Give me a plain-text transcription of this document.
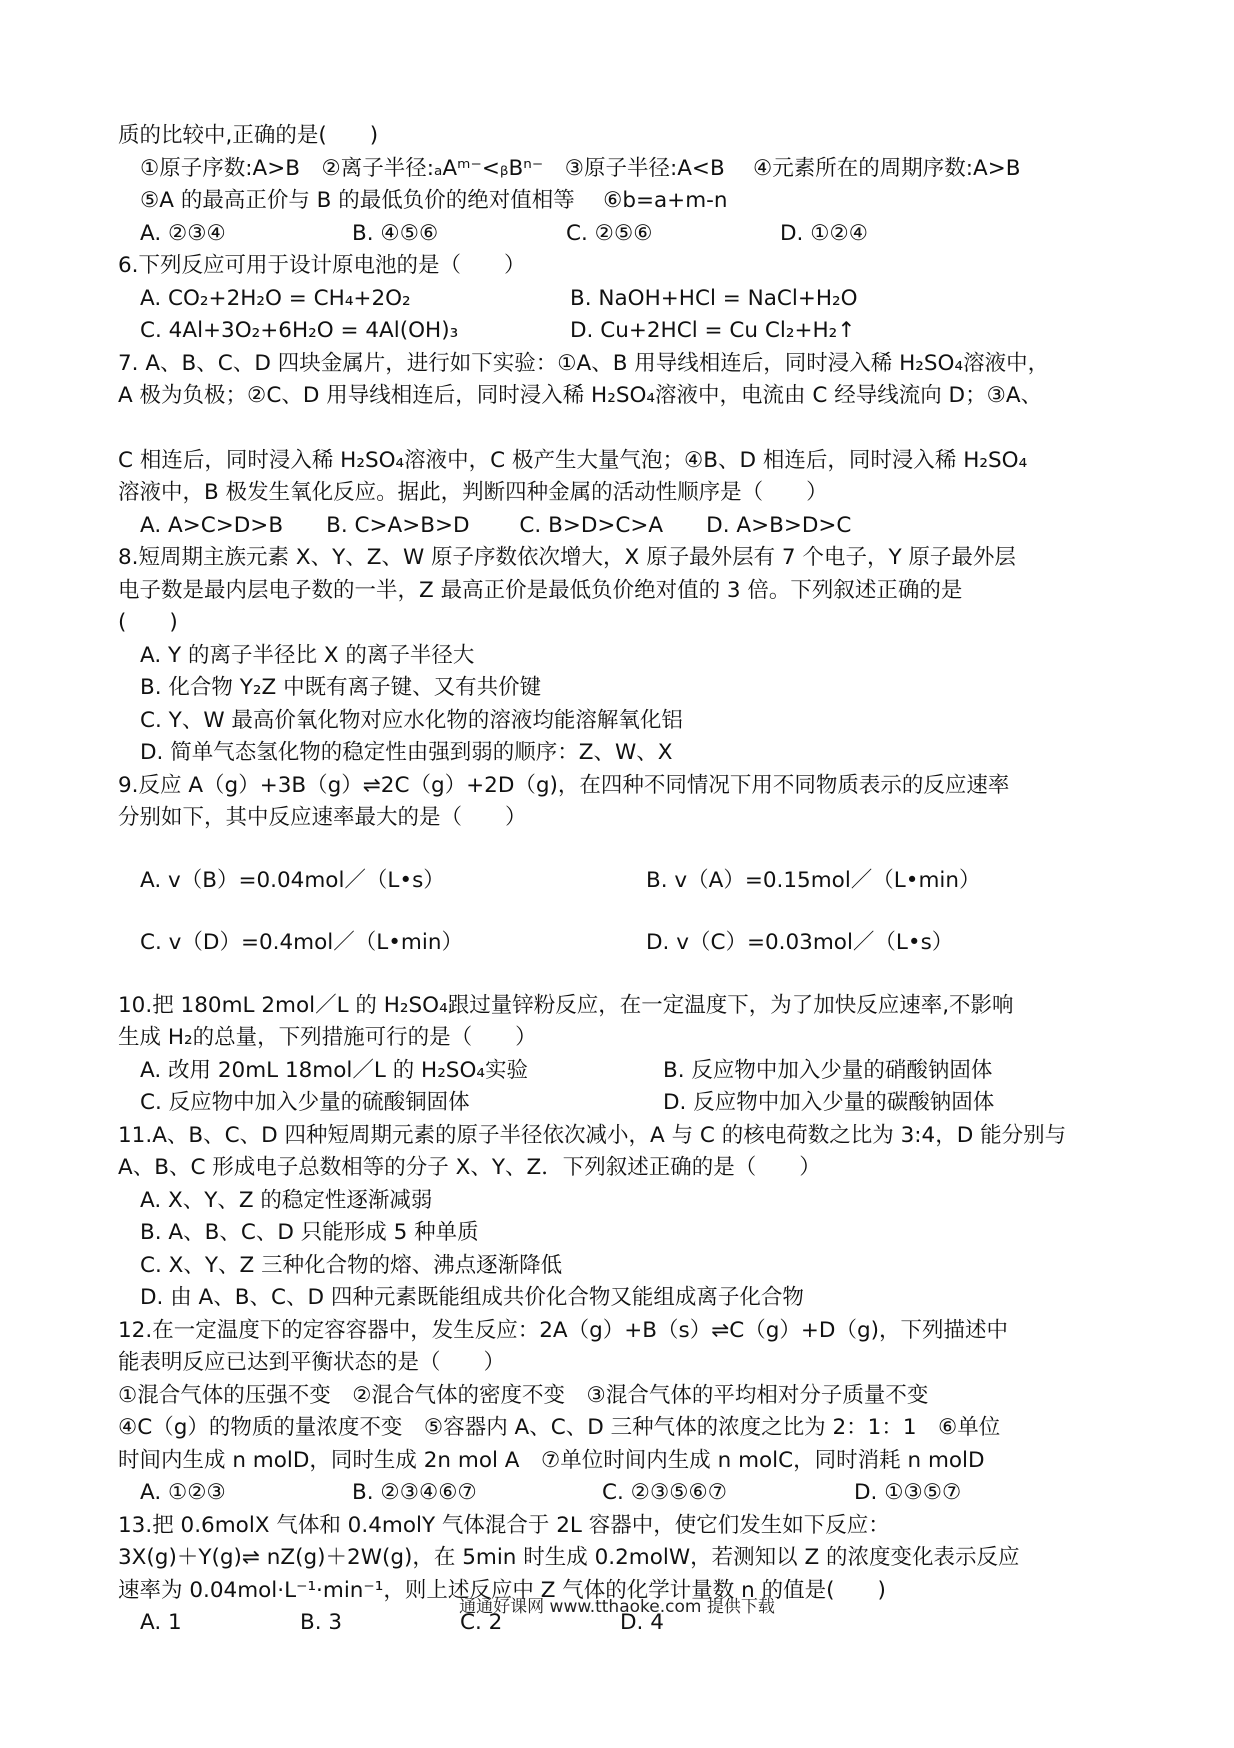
质的比较中,正确的是(　　)
①原子序数:A>B　②离子半径:ₐAᵐ⁻<ᵦBⁿ⁻　③原子半径:A<B　 ④元素所在的周期序数:A>B
⑤A 的最高正价与 B 的最低负价的绝对值相等　 ⑥b=a+m-n
A. ②③④	B. ④⑤⑥	C. ②⑤⑥	D. ①②④
6.下列反应可用于设计原电池的是（　　）
A. CO₂+2H₂O = CH₄+2O₂	B. NaOH+HCl = NaCl+H₂O
C. 4Al+3O₂+6H₂O = 4Al(OH)₃	D. Cu+2HCl = Cu Cl₂+H₂↑
7. A、B、C、D 四块金属片，进行如下实验：①A、B 用导线相连后，同时浸入稀 H₂SO₄溶液中，
A 极为负极；②C、D 用导线相连后，同时浸入稀 H₂SO₄溶液中，电流由 C 经导线流向 D；③A、
C 相连后，同时浸入稀 H₂SO₄溶液中，C 极产生大量气泡；④B、D 相连后，同时浸入稀 H₂SO₄
溶液中，B 极发生氧化反应。据此，判断四种金属的活动性顺序是（　　）
A. A>C>D>B　　B. C>A>B>D　　 C. B>D>C>A　　D. A>B>D>C
8.短周期主族元素 X、Y、Z、W 原子序数依次增大，X 原子最外层有 7 个电子，Y 原子最外层
电子数是最内层电子数的一半，Z 最高正价是最低负价绝对值的 3 倍。下列叙述正确的是
(　　)
A. Y 的离子半径比 X 的离子半径大
B. 化合物 Y₂Z 中既有离子键、又有共价键
C. Y、W 最高价氧化物对应水化物的溶液均能溶解氧化铝
D. 简单气态氢化物的稳定性由强到弱的顺序：Z、W、X
9.反应 A（g）+3B（g）⇌2C（g）+2D（g)，在四种不同情况下用不同物质表示的反应速率
分别如下，其中反应速率最大的是（　　）
A. v（B）=0.04mol／（L•s）	B. v（A）=0.15mol／（L•min）
C. v（D）=0.4mol／（L•min）	D. v（C）=0.03mol／（L•s）
10.把 180mL 2mol／L 的 H₂SO₄跟过量锌粉反应，在一定温度下，为了加快反应速率,不影响
生成 H₂的总量，下列措施可行的是（　　）
A. 改用 20mL 18mol／L 的 H₂SO₄实验	B. 反应物中加入少量的硝酸钠固体
C. 反应物中加入少量的硫酸铜固体	D. 反应物中加入少量的碳酸钠固体
11.A、B、C、D 四种短周期元素的原子半径依次减小，A 与 C 的核电荷数之比为 3:4，D 能分别与
A、B、C 形成电子总数相等的分子 X、Y、Z．下列叙述正确的是（　　）
A. X、Y、Z 的稳定性逐渐减弱
B. A、B、C、D 只能形成 5 种单质
C. X、Y、Z 三种化合物的熔、沸点逐渐降低
D. 由 A、B、C、D 四种元素既能组成共价化合物又能组成离子化合物
12.在一定温度下的定容容器中，发生反应：2A（g）+B（s）⇌C（g）+D（g)，下列描述中
能表明反应已达到平衡状态的是（　　）
①混合气体的压强不变　②混合气体的密度不变　③混合气体的平均相对分子质量不变
④C（g）的物质的量浓度不变　⑤容器内 A、C、D 三种气体的浓度之比为 2：1：1　⑥单位
时间内生成 n molD，同时生成 2n mol A　⑦单位时间内生成 n molC，同时消耗 n molD
A. ①②③	B. ②③④⑥⑦	C. ②③⑤⑥⑦	D. ①③⑤⑦
13.把 0.6molX 气体和 0.4molY 气体混合于 2L 容器中，使它们发生如下反应：
3X(g)＋Y(g)⇌ nZ(g)＋2W(g)，在 5min 时生成 0.2molW，若测知以 Z 的浓度变化表示反应
速率为 0.04mol·L⁻¹·min⁻¹，则上述反应中 Z 气体的化学计量数 n 的值是(　　)
A. 1	B. 3	C. 2	D. 4
通通好课网 www.tthaoke.com 提供下载
